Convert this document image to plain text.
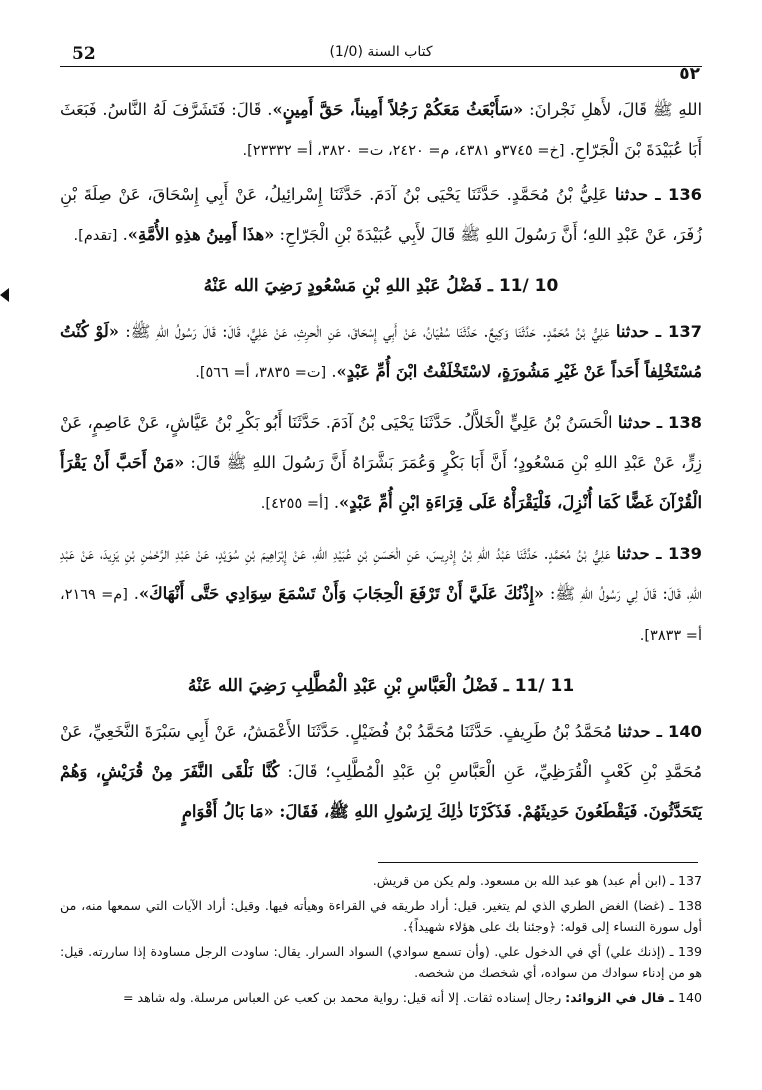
52	(1/0) كتاب السنة
٥٢

اللهِ ﷺ قَالَ، لأَهلِ نَجْرانَ: «سَأَبْعَثُ مَعَكُمْ رَجُلاً أَمِيناً، حَقَّ أَمِينٍ». قَالَ: فَتَشَرَّفَ لَهُ النَّاسُ. فَبَعَثَ أَبَا عُبَيْدَةَ بْنَ الْجَرّاحِ. [خ= ٣٧٤٥و ٤٣٨١، م= ٢٤٢٠، ت= ٣٨٢٠، أ= ٢٣٣٣٢].

136 ـ حدثنا عَلِيُّ بْنُ مُحَمَّدٍ. حَدَّثَنَا يَحْيَى بْنُ آدَمَ. حَدَّثَنَا إِسْرائِيلُ، عَنْ أَبِي إِسْحَاقَ، عَنْ صِلَةَ بْنِ زُفَرَ، عَنْ عَبْدِ اللهِ؛ أَنَّ رَسُولَ اللهِ ﷺ قَالَ لأَبِي عُبَيْدَةَ بْنِ الْجَرّاحِ: «هذَا أَمِينُ هذِهِ الأُمَّةِ». [تقدم].

10 /11 ـ فَضْلُ عَبْدِ اللهِ بْنِ مَسْعُودٍ رَضِيَ الله عَنْهُ

137 ـ حدثنا عَلِيُّ بْنُ مُحَمَّدٍ. حَدَّثَنَا وَكِيعٌ. حَدَّثَنَا سُفْيَانُ، عَنْ أَبِي إِسْحَاقَ، عَنِ الْحرِثِ، عَنْ عَلِيٍّ، قَالَ: قَالَ رَسُولُ اللهِ ﷺ: «لَوْ كُنْتُ مُسْتَخْلِفاً أَحَداً عَنْ غَيْرِ مَشُورَةٍ، لاسْتَخْلَفْتُ ابْنَ أُمِّ عَبْدٍ». [ت= ٣٨٣٥، أ= ٥٦٦].

138 ـ حدثنا الْحَسَنُ بْنُ عَلِيٍّ الْخَلاَّلُ. حَدَّثَنَا يَحْيَى بْنُ آدَمَ. حَدَّثَنَا أَبُو بَكْرِ بْنُ عَيَّاشٍ، عَنْ عَاصِمٍ، عَنْ زِرٍّ، عَنْ عَبْدِ اللهِ بْنِ مَسْعُودٍ؛ أَنَّ أَبَا بَكْرٍ وَعُمَرَ بَشَّرَاهُ أَنَّ رَسُولَ اللهِ ﷺ قَالَ: «مَنْ أَحَبَّ أَنْ يَقْرَأَ الْقُرْآنَ غَضًّا كَمَا أُنْزِلَ، فَلْيَقْرَأْهُ عَلَى قِرَاءَةِ ابْنِ أُمِّ عَبْدٍ». [أ= ٤٢٥٥].

139 ـ حدثنا عَلِيُّ بْنُ مُحَمَّدٍ. حَدَّثَنَا عَبْدُ اللهِ بْنُ إِدْرِيسَ، عَنِ الْحَسَنِ بْنِ عُبَيْدِ اللهِ، عَنْ إِبْرَاهِيمَ بْنِ سُوَيْدٍ، عَنْ عَبْدِ الرَّحْمٰنِ بْنِ يَزِيدَ، عَنْ عَبْدِ اللهِ، قَالَ: قَالَ لِي رَسُولُ اللهِ ﷺ: «إِذْنُكَ عَلَيَّ أَنْ تَرْفَعَ الْحِجَابَ وَأَنْ تَسْمَعَ سِوَادِي حَتَّى أَنْهَاكَ». [م= ٢١٦٩، أ= ٣٨٣٣].

11 /11 ـ فَضْلُ الْعَبَّاسِ بْنِ عَبْدِ الْمُطَّلِبِ رَضِيَ الله عَنْهُ

140 ـ حدثنا مُحَمَّدُ بْنُ طَرِيفٍ. حَدَّثَنَا مُحَمَّدُ بْنُ فُضَيْلٍ. حَدَّثَنَا الأَعْمَشُ، عَنْ أَبِي سَبْرَةَ النَّخَعِيِّ، عَنْ مُحَمَّدِ بْنِ كَعْبٍ الْقُرَظِيِّ، عَنِ الْعَبَّاسِ بْنِ عَبْدِ الْمُطَّلِبِ؛ قَالَ: كُنَّا نَلْقَى النَّفَرَ مِنْ قُرَيْشٍ، وَهُمْ يَتَحَدَّثُونَ. فَيَقْطَعُونَ حَدِيثَهُمْ. فَذَكَرْنَا ذٰلِكَ لِرَسُولِ اللهِ ﷺ، فَقَالَ: «مَا بَالُ أَقْوَامٍ

137 ـ (ابن أم عبد) هو عبد الله بن مسعود. ولم يكن من قريش.

138 ـ (غضا) الغض الطري الذي لم يتغير. قيل: أراد طريقه في القراءة وهيأته فيها. وقيل: أراد الآيات التي سمعها منه، من أول سورة النساء إلى قوله: ﴿وجئنا بك على هؤلاء شهيداً﴾.

139 ـ (إذنك علي) أي في الدخول علي. (وأن تسمع سوادي) السواد السرار. يقال: ساودت الرجل مساودة إذا ساررته. قيل: هو من إدناء سوادك من سواده، أي شخصك من شخصه.

140 ـ قال في الزوائد: رجال إسناده ثقات. إلا أنه قيل: رواية محمد بن كعب عن العباس مرسلة. وله شاهد =
